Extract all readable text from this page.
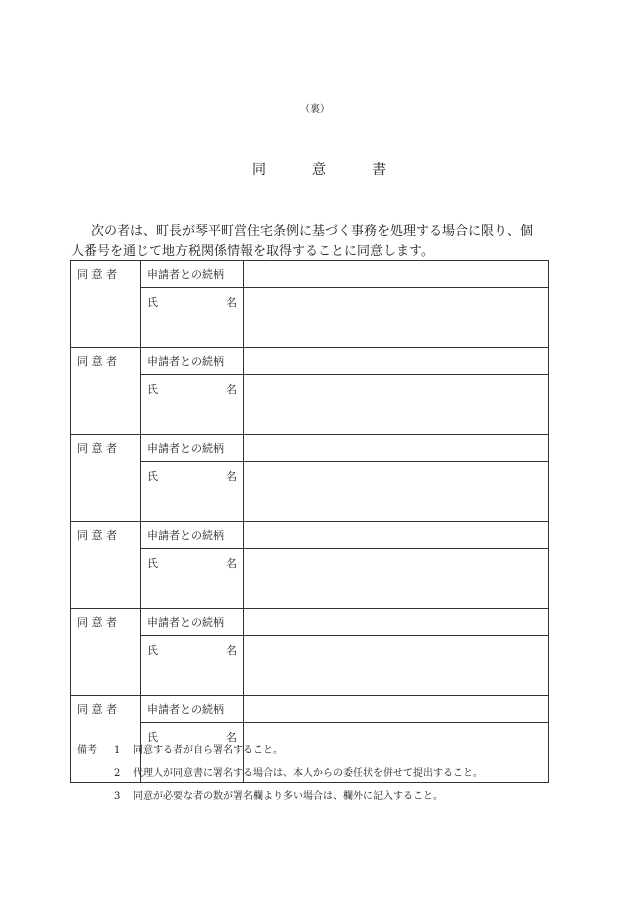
（裏）
同	意	書
次の者は、町長が琴平町営住宅条例に基づく事務を処理する場合に限り、個
人番号を通じて地方税関係情報を取得することに同意します。
同 意 者	申請者との続柄	

	氏 名	

同 意 者	申請者との続柄	

	氏 名	

同 意 者	申請者との続柄	

	氏 名	

同 意 者	申請者との続柄	

	氏 名	

同 意 者	申請者との続柄	

	氏 名	

同 意 者	申請者との続柄	

	氏 名	

備考 1 同意する者が自ら署名すること。
2 代理人が同意書に署名する場合は、本人からの委任状を併せて提出すること。
3 同意が必要な者の数が署名欄より多い場合は、欄外に記入すること。
